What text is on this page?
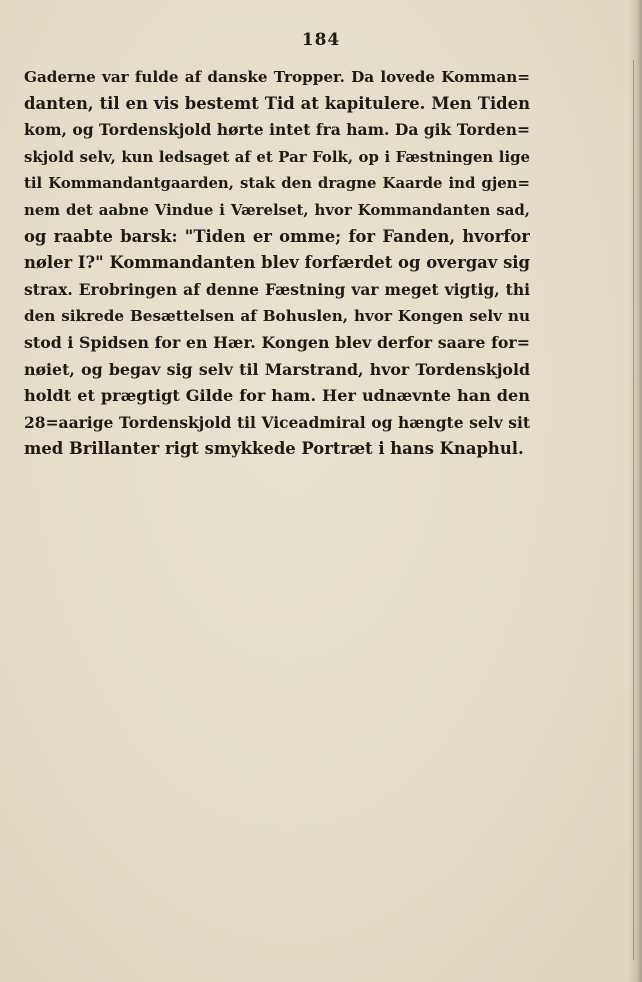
184
Gaderne var fulde af danske Tropper. Da lovede Komman=
danten, til en vis bestemt Tid at kapitulere. Men Tiden
kom, og Tordenskjold hørte intet fra ham. Da gik Torden=
skjold selv, kun ledsaget af et Par Folk, op i Fæstningen lige
til Kommandantgaarden, stak den dragne Kaarde ind gjen=
nem det aabne Vindue i Værelset, hvor Kommandanten sad,
og raabte barsk: "Tiden er omme; for Fanden, hvorfor
nøler I?" Kommandanten blev forfærdet og overgav sig
strax. Erobringen af denne Fæstning var meget vigtig, thi
den sikrede Besættelsen af Bohuslen, hvor Kongen selv nu
stod i Spidsen for en Hær. Kongen blev derfor saare for=
nøiet, og begav sig selv til Marstrand, hvor Tordenskjold
holdt et prægtigt Gilde for ham. Her udnævnte han den
28=aarige Tordenskjold til Viceadmiral og hængte selv sit
med Brillanter rigt smykkede Portræt i hans Knaphul.
